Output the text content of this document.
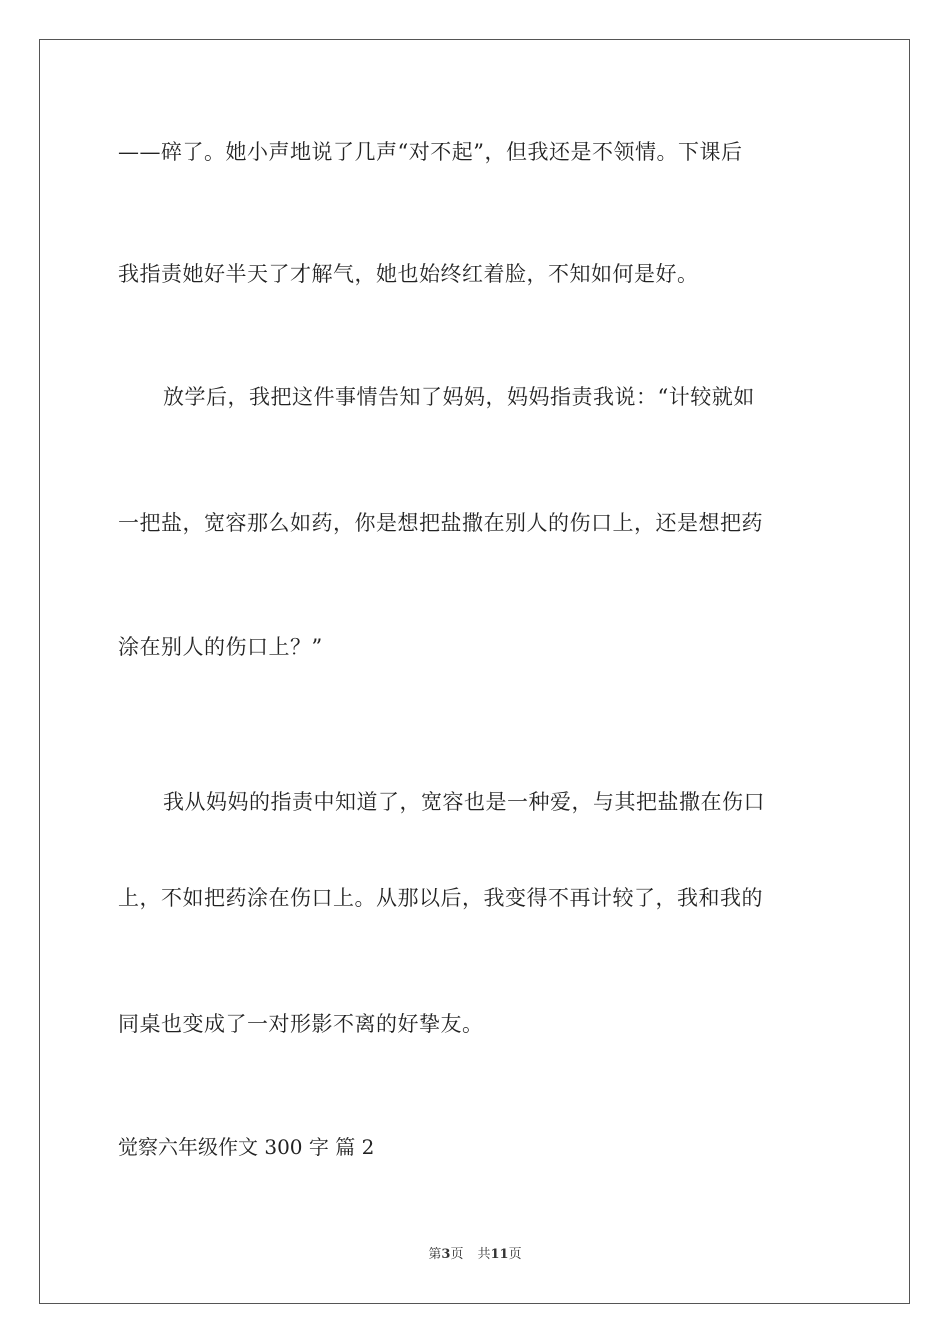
——碎了。她小声地说了几声“对不起”，但我还是不领情。下课后
我指责她好半天了才解气，她也始终红着脸，不知如何是好。
放学后，我把这件事情告知了妈妈，妈妈指责我说：“计较就如
一把盐，宽容那么如药，你是想把盐撒在别人的伤口上，还是想把药
涂在别人的伤口上？”
我从妈妈的指责中知道了，宽容也是一种爱，与其把盐撒在伤口
上，不如把药涂在伤口上。从那以后，我变得不再计较了，我和我的
同桌也变成了一对形影不离的好挚友。
觉察六年级作文 300 字 篇 2
第3页 共11页
